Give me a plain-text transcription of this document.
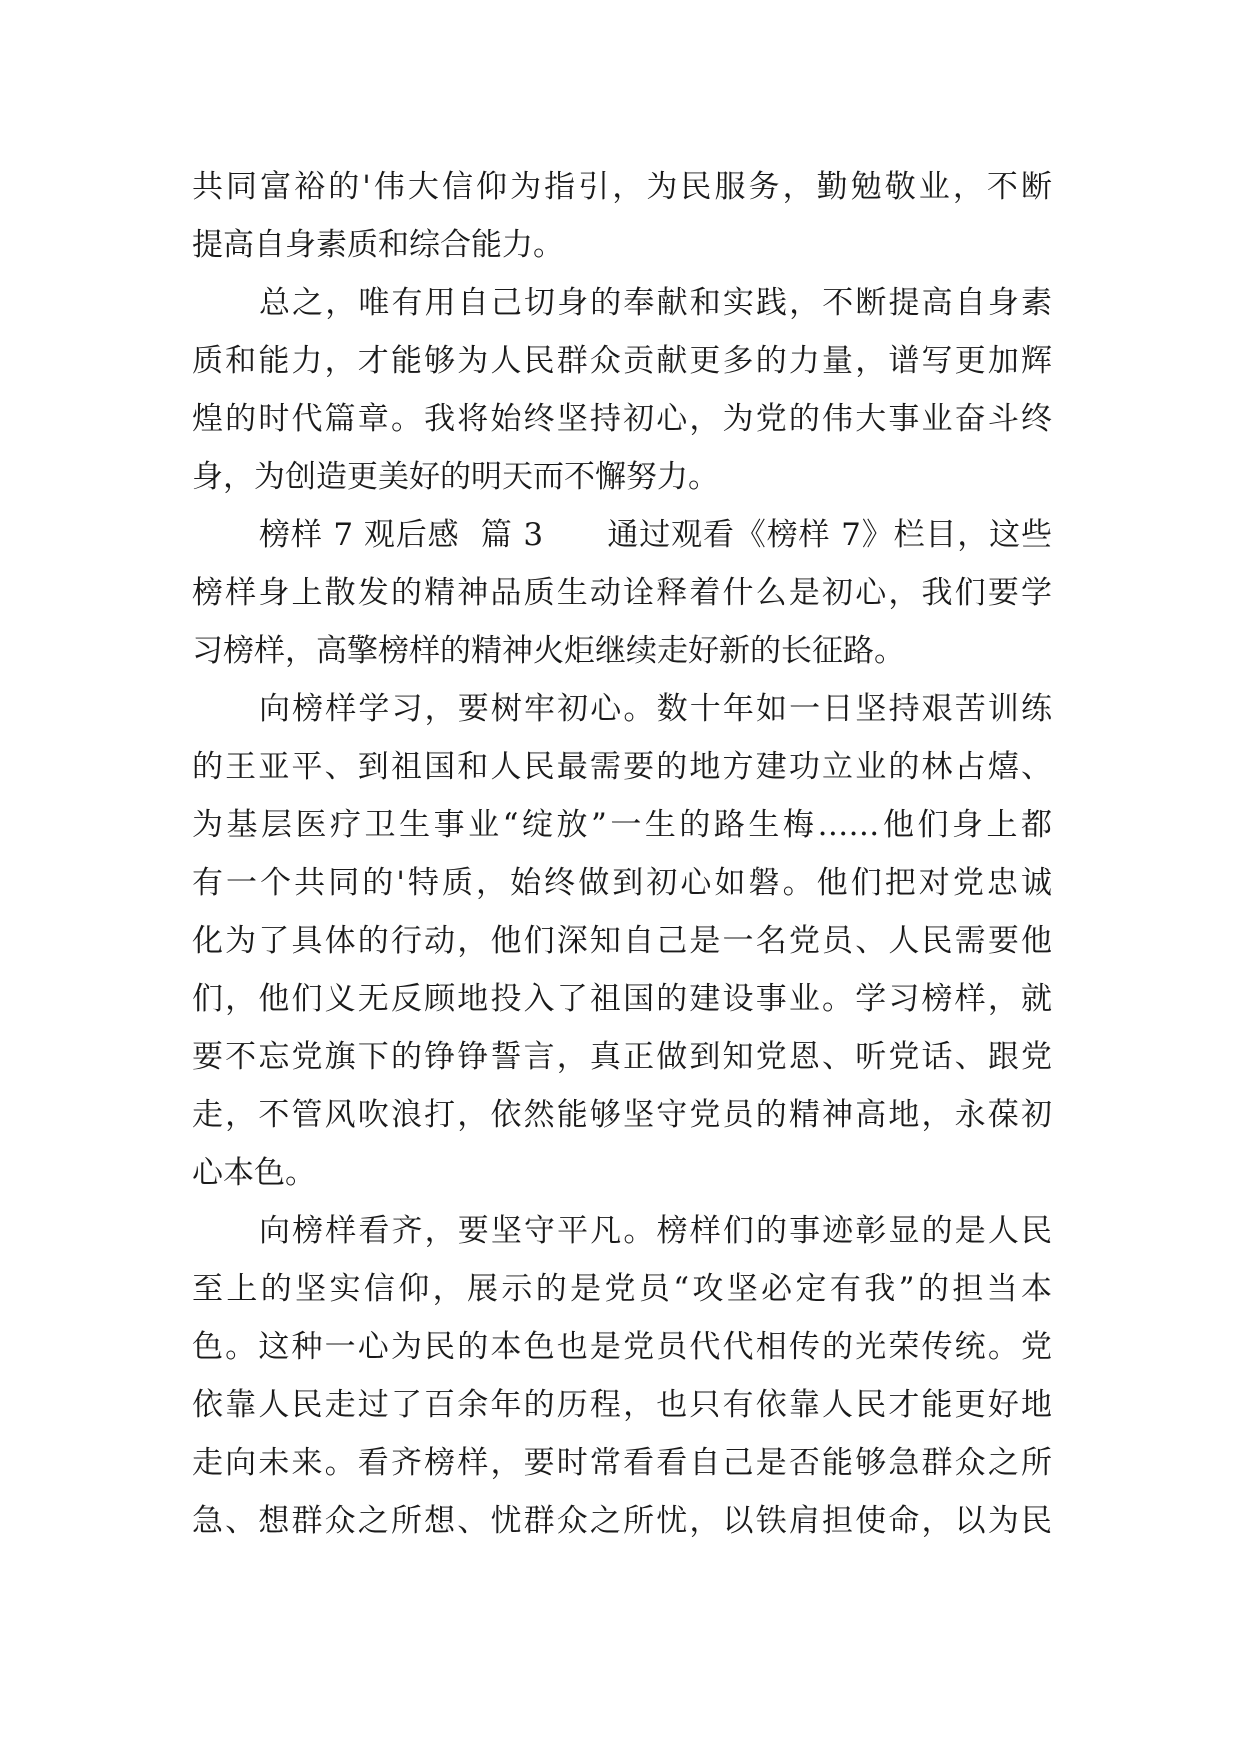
共同富裕的'伟大信仰为指引，为民服务，勤勉敬业，不断
提高自身素质和综合能力。
总之，唯有用自己切身的奉献和实践，不断提高自身素
质和能力，才能够为人民群众贡献更多的力量，谱写更加辉
煌的时代篇章。我将始终坚持初心，为党的伟大事业奋斗终
身，为创造更美好的明天而不懈努力。
榜样 7 观后感  篇 3      通过观看《榜样 7》栏目，这些
榜样身上散发的精神品质生动诠释着什么是初心，我们要学
习榜样，高擎榜样的精神火炬继续走好新的长征路。
向榜样学习，要树牢初心。数十年如一日坚持艰苦训练
的王亚平、到祖国和人民最需要的地方建功立业的林占熺、
为基层医疗卫生事业“绽放”一生的路生梅……他们身上都
有一个共同的'特质，始终做到初心如磐。他们把对党忠诚
化为了具体的行动，他们深知自己是一名党员、人民需要他
们，他们义无反顾地投入了祖国的建设事业。学习榜样，就
要不忘党旗下的铮铮誓言，真正做到知党恩、听党话、跟党
走，不管风吹浪打，依然能够坚守党员的精神高地，永葆初
心本色。
向榜样看齐，要坚守平凡。榜样们的事迹彰显的是人民
至上的坚实信仰，展示的是党员“攻坚必定有我”的担当本
色。这种一心为民的本色也是党员代代相传的光荣传统。党
依靠人民走过了百余年的历程，也只有依靠人民才能更好地
走向未来。看齐榜样，要时常看看自己是否能够急群众之所
急、想群众之所想、忧群众之所忧，以铁肩担使命，以为民
